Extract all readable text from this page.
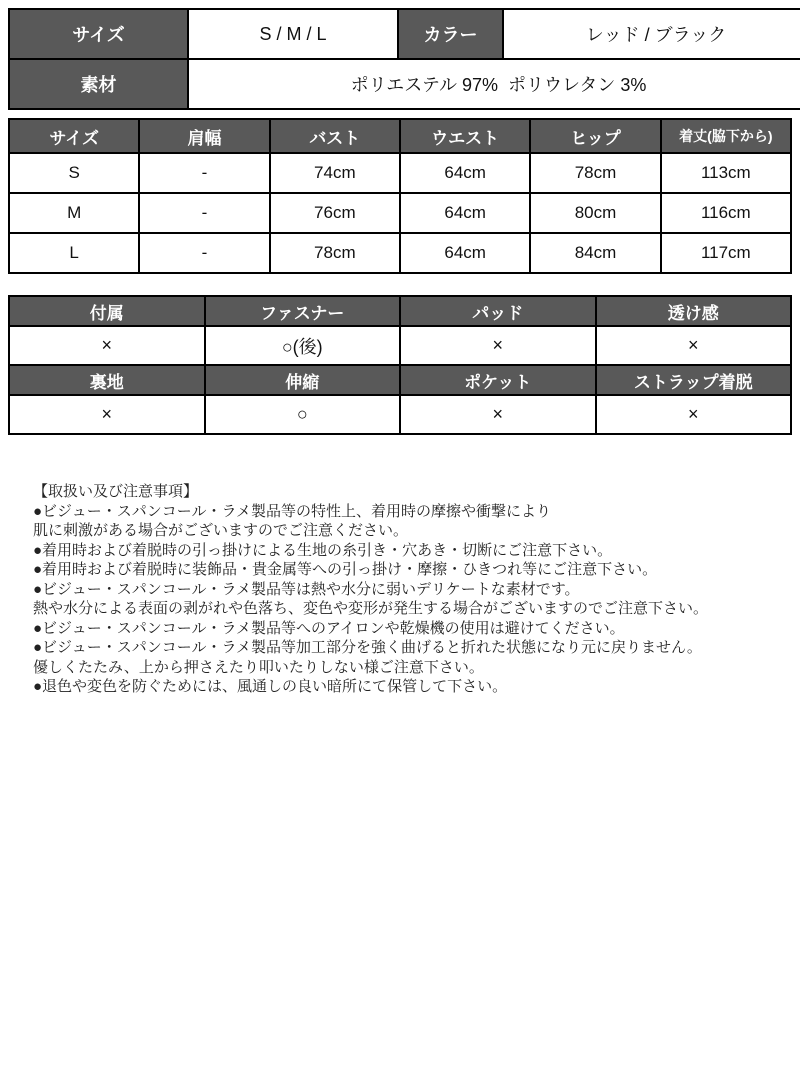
サイズ	S / M / L	カラー	レッド / ブラック
素材	ポリエステル 97%  ポリウレタン 3%		
サイズ	肩幅	バスト	ウエスト	ヒップ	着丈(脇下から)
S	-	74cm	64cm	78cm	113cm
M	-	76cm	64cm	80cm	116cm
L	-	78cm	64cm	84cm	117cm
付属	ファスナー	パッド	透け感
×	○(後)	×	×
裏地	伸縮	ポケット	ストラップ着脱
×	○	×	×
【取扱い及び注意事項】
●ビジュー・スパンコール・ラメ製品等の特性上、着用時の摩擦や衝撃により
肌に刺激がある場合がございますのでご注意ください。
●着用時および着脱時の引っ掛けによる生地の糸引き・穴あき・切断にご注意下さい。
●着用時および着脱時に装飾品・貴金属等への引っ掛け・摩擦・ひきつれ等にご注意下さい。
●ビジュー・スパンコール・ラメ製品等は熱や水分に弱いデリケートな素材です。
熱や水分による表面の剥がれや色落ち、変色や変形が発生する場合がございますのでご注意下さい。
●ビジュー・スパンコール・ラメ製品等へのアイロンや乾燥機の使用は避けてください。
●ビジュー・スパンコール・ラメ製品等加工部分を強く曲げると折れた状態になり元に戻りません。
優しくたたみ、上から押さえたり叩いたりしない様ご注意下さい。
●退色や変色を防ぐためには、風通しの良い暗所にて保管して下さい。
